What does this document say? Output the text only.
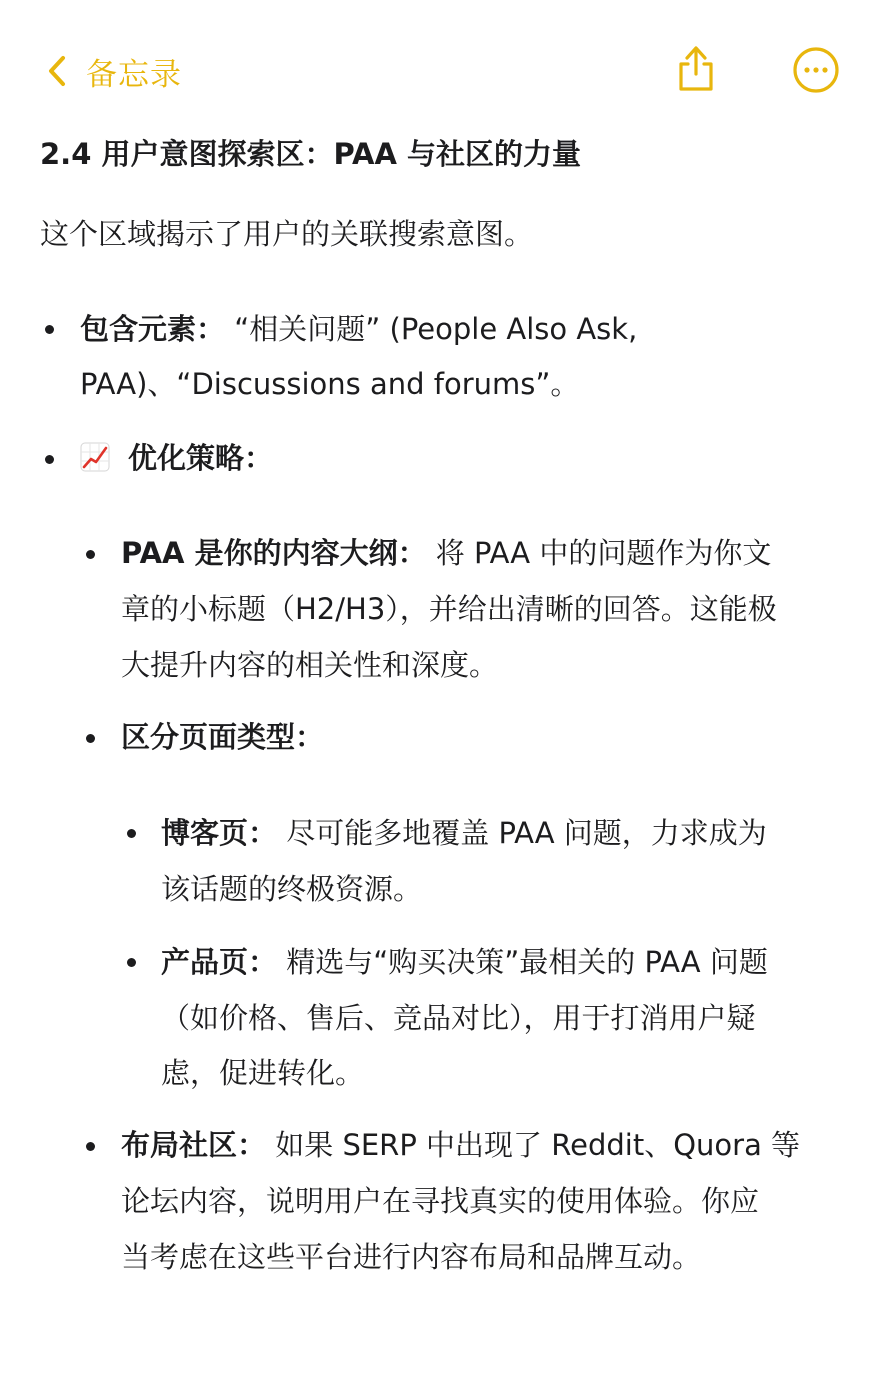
备忘录
2.4 用户意图探索区：PAA 与社区的力量
这个区域揭示了用户的关联搜索意图。
包含元素： “相关问题” (People Also Ask,
PAA)、“Discussions and forums”。
优化策略：
PAA 是你的内容大纲： 将 PAA 中的问题作为你文
章的小标题（H2/H3），并给出清晰的回答。这能极
大提升内容的相关性和深度。
区分页面类型：
博客页： 尽可能多地覆盖 PAA 问题，力求成为
该话题的终极资源。
产品页： 精选与“购买决策”最相关的 PAA 问题
（如价格、售后、竞品对比），用于打消用户疑
虑，促进转化。
布局社区： 如果 SERP 中出现了 Reddit、Quora 等
论坛内容，说明用户在寻找真实的使用体验。你应
当考虑在这些平台进行内容布局和品牌互动。
